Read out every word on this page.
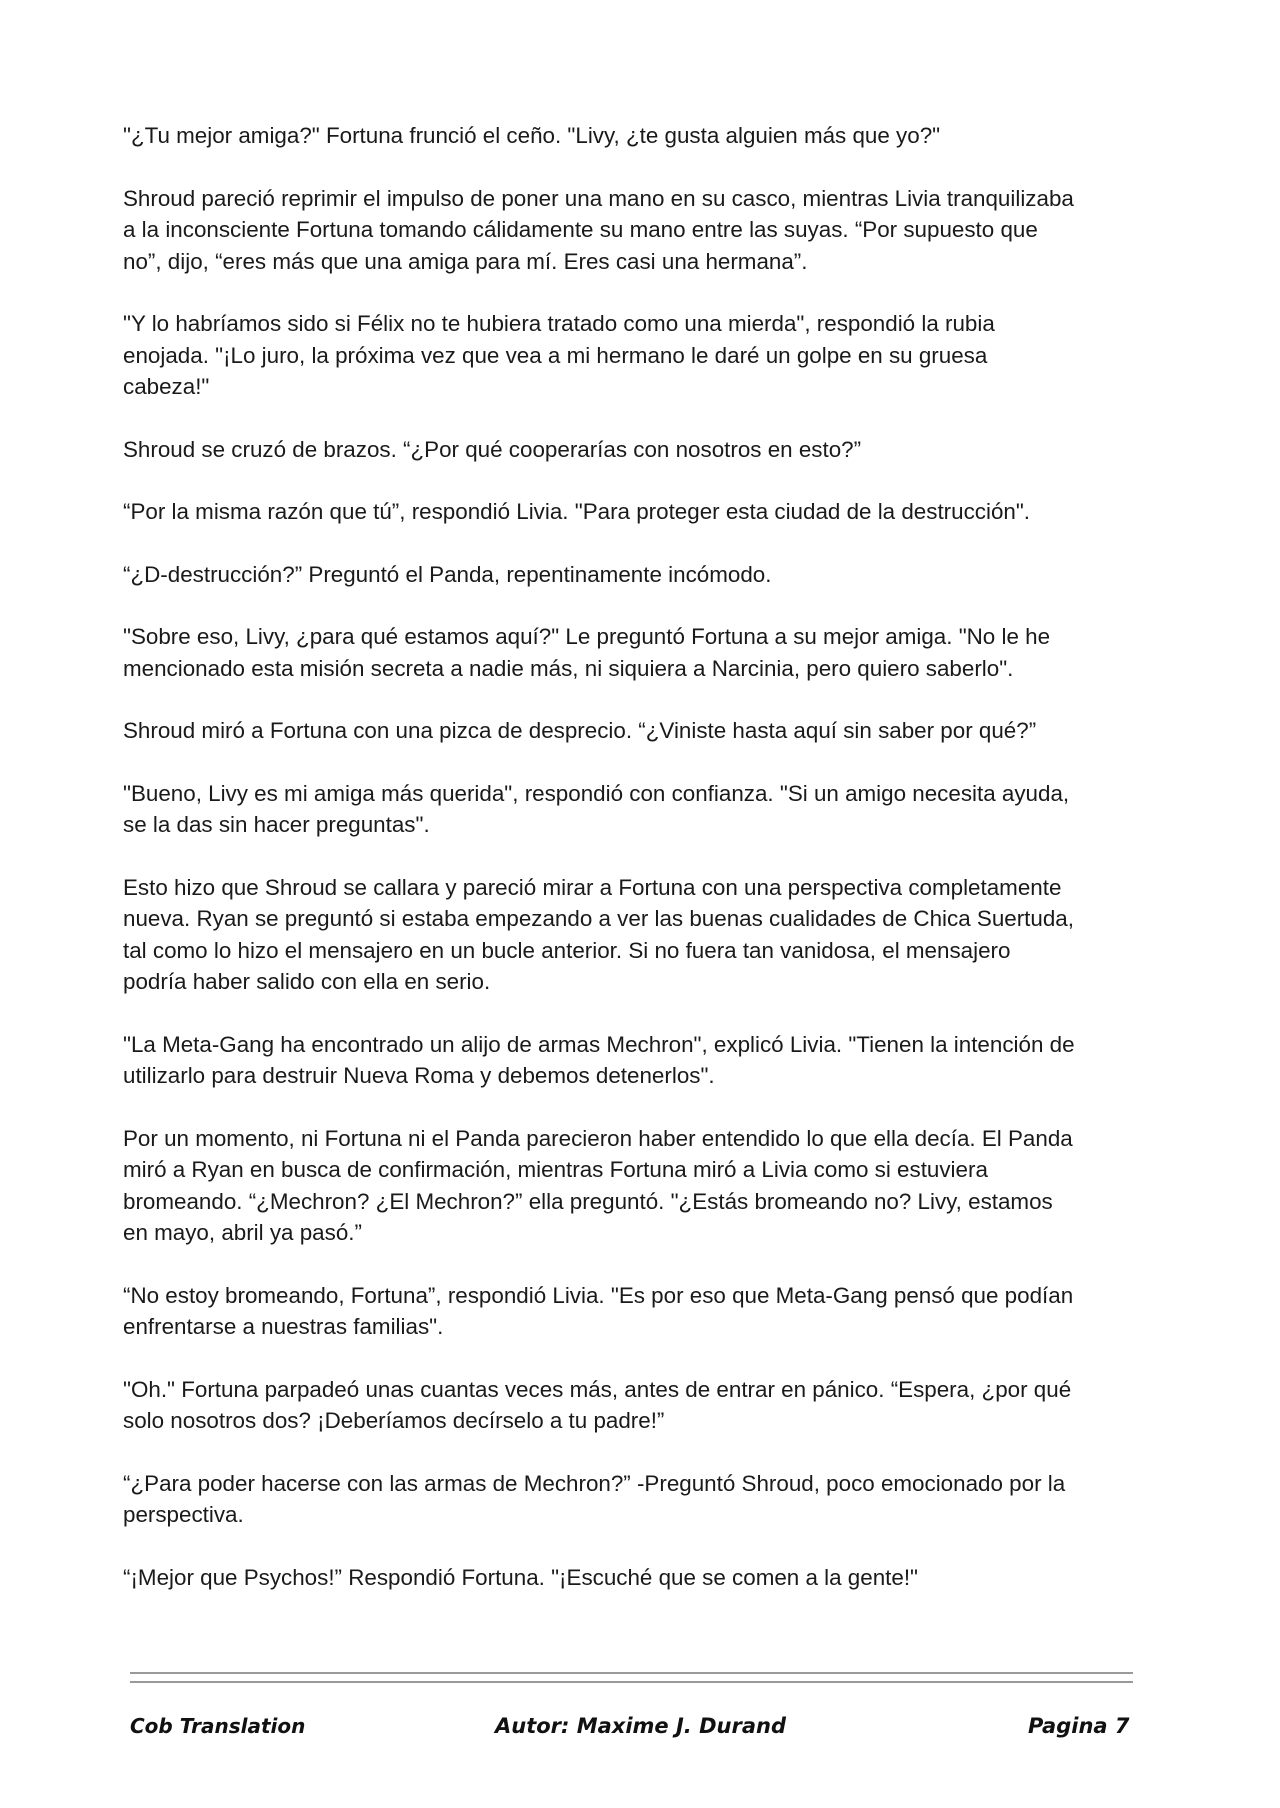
"¿Tu mejor amiga?" Fortuna frunció el ceño. "Livy, ¿te gusta alguien más que yo?"

Shroud pareció reprimir el impulso de poner una mano en su casco, mientras Livia tranquilizaba
a la inconsciente Fortuna tomando cálidamente su mano entre las suyas. “Por supuesto que
no”, dijo, “eres más que una amiga para mí. Eres casi una hermana”.

"Y lo habríamos sido si Félix no te hubiera tratado como una mierda", respondió la rubia
enojada. "¡Lo juro, la próxima vez que vea a mi hermano le daré un golpe en su gruesa
cabeza!"

Shroud se cruzó de brazos. “¿Por qué cooperarías con nosotros en esto?”

“Por la misma razón que tú”, respondió Livia. "Para proteger esta ciudad de la destrucción".

“¿D-destrucción?” Preguntó el Panda, repentinamente incómodo.

"Sobre eso, Livy, ¿para qué estamos aquí?" Le preguntó Fortuna a su mejor amiga. "No le he
mencionado esta misión secreta a nadie más, ni siquiera a Narcinia, pero quiero saberlo".

Shroud miró a Fortuna con una pizca de desprecio. “¿Viniste hasta aquí sin saber por qué?”

"Bueno, Livy es mi amiga más querida", respondió con confianza. "Si un amigo necesita ayuda,
se la das sin hacer preguntas".

Esto hizo que Shroud se callara y pareció mirar a Fortuna con una perspectiva completamente
nueva. Ryan se preguntó si estaba empezando a ver las buenas cualidades de Chica Suertuda,
tal como lo hizo el mensajero en un bucle anterior. Si no fuera tan vanidosa, el mensajero
podría haber salido con ella en serio.

"La Meta-Gang ha encontrado un alijo de armas Mechron", explicó Livia. "Tienen la intención de
utilizarlo para destruir Nueva Roma y debemos detenerlos".

Por un momento, ni Fortuna ni el Panda parecieron haber entendido lo que ella decía. El Panda
miró a Ryan en busca de confirmación, mientras Fortuna miró a Livia como si estuviera
bromeando. “¿Mechron? ¿El Mechron?” ella preguntó. "¿Estás bromeando no? Livy, estamos
en mayo, abril ya pasó.”

“No estoy bromeando, Fortuna”, respondió Livia. "Es por eso que Meta-Gang pensó que podían
enfrentarse a nuestras familias".

"Oh." Fortuna parpadeó unas cuantas veces más, antes de entrar en pánico. “Espera, ¿por qué
solo nosotros dos? ¡Deberíamos decírselo a tu padre!”

“¿Para poder hacerse con las armas de Mechron?” -Preguntó Shroud, poco emocionado por la
perspectiva.

“¡Mejor que Psychos!” Respondió Fortuna. "¡Escuché que se comen a la gente!"

Cob Translation	Autor: Maxime J. Durand	Pagina 7
